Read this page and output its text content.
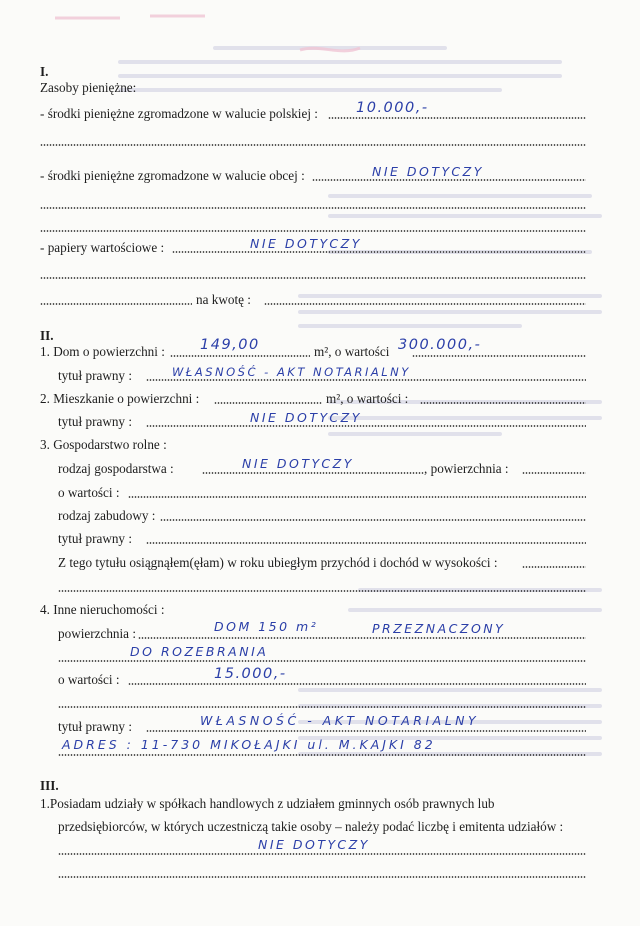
I.
Zasoby pieniężne:
- środki pieniężne zgromadzone w walucie polskiej :	10.000,-
- środki pieniężne zgromadzone w walucie obcej :	NIE DOTYCZY
- papiery wartościowe :	NIE DOTYCZY
na kwotę :
II.
1. Dom o powierzchni : 149,00	m², o wartości 300.000,-
tytuł prawny :	WŁASNOŚĆ - AKT NOTARIALNY
2. Mieszkanie o powierzchni :	m², o wartości :
tytuł prawny :	NIE DOTYCZY
3. Gospodarstwo rolne :
rodzaj gospodarstwa :	NIE DOTYCZY	, powierzchnia :
o wartości :
rodzaj zabudowy :
tytuł prawny :
Z tego tytułu osiągnąłem(ęłam) w roku ubiegłym przychód i dochód w wysokości :
4. Inne nieruchomości :
powierzchnia :	DOM 150 m²	PRZEZNACZONY
DO ROZEBRANIA
o wartości :	15.000,-
tytuł prawny :	WŁASNOŚĆ - AKT NOTARIALNY
ADRES : 11-730 MIKOŁAJKI ul. M.KAJKI 82
III.
1.Posiadam udziały w spółkach handlowych z udziałem gminnych osób prawnych lub
przedsiębiorców, w których uczestniczą takie osoby – należy podać liczbę i emitenta udziałów :
NIE DOTYCZY
